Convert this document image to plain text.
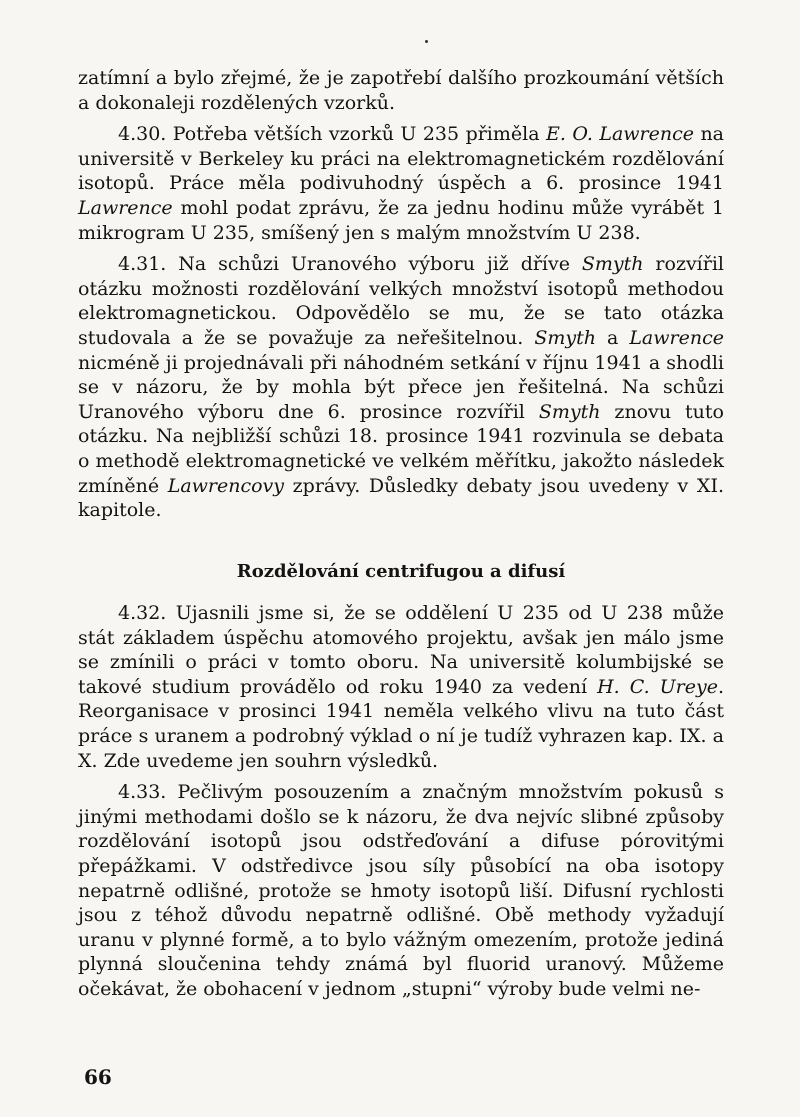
zatímní a bylo zřejmé, že je zapotřebí dalšího prozkoumání větších a dokonaleji rozdělených vzorků.

4.30. Potřeba větších vzorků U 235 přiměla E. O. Lawrence na universitě v Berkeley ku práci na elektromagnetickém rozdělování isotopů. Práce měla podivuhodný úspěch a 6. prosince 1941 Lawrence mohl podat zprávu, že za jednu hodinu může vyrábět 1 mikrogram U 235, smíšený jen s malým množstvím U 238.

4.31. Na schůzi Uranového výboru již dříve Smyth rozvířil otázku možnosti rozdělování velkých množství isotopů methodou elektromagnetickou. Odpovědělo se mu, že se tato otázka studovala a že se považuje za neřešitelnou. Smyth a Lawrence nicméně ji projednávali při náhodném setkání v říjnu 1941 a shodli se v názoru, že by mohla být přece jen řešitelná. Na schůzi Uranového výboru dne 6. prosince rozvířil Smyth znovu tuto otázku. Na nejbližší schůzi 18. prosince 1941 rozvinula se debata o methodě elektromagnetické ve velkém měřítku, jakožto následek zmíněné Lawrencovy zprávy. Důsledky debaty jsou uvedeny v XI. kapitole.

Rozdělování centrifugou a difusí

4.32. Ujasnili jsme si, že se oddělení U 235 od U 238 může stát základem úspěchu atomového projektu, avšak jen málo jsme se zmínili o práci v tomto oboru. Na universitě kolumbijské se takové studium provádělo od roku 1940 za vedení H. C. Ureye. Reorganisace v prosinci 1941 neměla velkého vlivu na tuto část práce s uranem a podrobný výklad o ní je tudíž vyhrazen kap. IX. a X. Zde uvedeme jen souhrn výsledků.

4.33. Pečlivým posouzením a značným množstvím pokusů s jinými methodami došlo se k názoru, že dva nejvíc slibné způsoby rozdělování isotopů jsou odstřeďování a difuse pórovitými přepážkami. V odstředivce jsou síly působící na oba isotopy nepatrně odlišné, protože se hmoty isotopů liší. Difusní rychlosti jsou z téhož důvodu nepatrně odlišné. Obě methody vyžadují uranu v plynné formě, a to bylo vážným omezením, protože jediná plynná sloučenina tehdy známá byl fluorid uranový. Můžeme očekávat, že obohacení v jednom „stupni“ výroby bude velmi ne-

66
